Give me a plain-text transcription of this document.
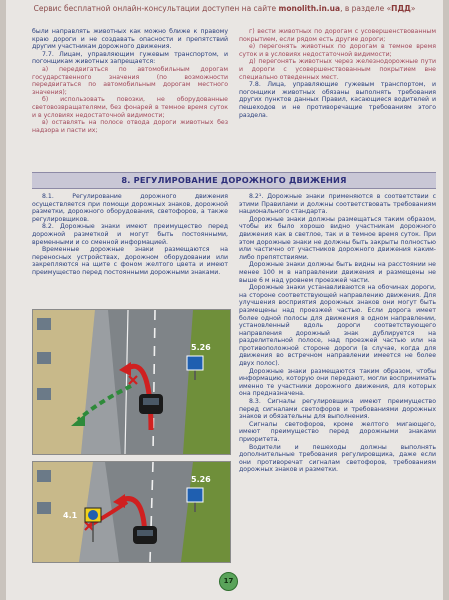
Сервис бесплатной онлайн-консультации доступен на сайте monolith.in.ua, в разделе «ПДД»

были направлять животных как можно ближе к правому краю дороги и не создавать опасности и препятствий другим участникам дорожного движения.

7.7. Лицам, управляющим гужевым транспортом, и погонщикам животных запрещается:

а) передвигаться по автомобильным дорогам государственного значения (по возможности передвигаться по автомобильным дорогам местного значения);

б) использовать повозки, не оборудованные световозвращателями, без фонарей в темное время суток и в условиях недостаточной видимости;

в) оставлять на полосе отвода дороги животных без надзора и пасти их;

г) вести животных по дорогам с усовершенствованным покрытием, если рядом есть другие дороги;

е) перегонять животных по дорогам в темное время суток и в условиях недостаточной видимости;

д) перегонять животных через железнодорожные пути и дороги с усовершенствованным покрытием вне специально отведенных мест.

7.8. Лица, управляющие гужевым транспортом, и погонщики животных обязаны выполнять требования других пунктов данных Правил, касающиеся водителей и пешеходов и не противоречащие требованиям этого раздела.

8. РЕГУЛИРОВАНИЕ ДОРОЖНОГО ДВИЖЕНИЯ

8.1. Регулирование дорожного движения осуществляется при помощи дорожных знаков, дорожной разметки, дорожного оборудования, светофоров, а также регулировщиков.

8.2. Дорожные знаки имеют преимущество перед дорожной разметкой и могут быть постоянными, временными и со сменной информацией.

Временные дорожные знаки размещаются на переносных устройствах, дорожном оборудовании или закрепляются на щите с фоном желтого цвета и имеют преимущество перед постоянными дорожными знаками.

8.2¹. Дорожные знаки применяются в соответствии с этими Правилами и должны соответствовать требованиям национального стандарта.

Дорожные знаки должны размещаться таким образом, чтобы их было хорошо видно участникам дорожного движения как в светлое, так и в темное время суток. При этом дорожные знаки не должны быть закрыты полностью или частично от участников дорожного движения каким-либо препятствиями.

Дорожные знаки должны быть видны на расстоянии не менее 100 м в направлении движения и размещены не выше 6 м над уровнем проезжей части.

Дорожные знаки устанавливаются на обочинах дороги, на стороне соответствующей направлению движения. Для улучшения восприятия дорожных знаков они могут быть размещены над проезжей частью. Если дорога имеет более одной полосы для движения в одном направлении, установленный вдоль дороги соответствующего направления дорожный знак дублируется на разделительной полосе, над проезжей частью или на противоположной стороне дороги (в случае, когда для движения во встречном направлении имеется не более двух полос).

Дорожные знаки размещаются таким образом, чтобы информацию, которую они передают, могли воспринимать именно те участники дорожного движения, для которых она предназначена.

8.3. Сигналы регулировщика имеют преимущество перед сигналами светофоров и требованиями дорожных знаков и обязательны для выполнения.

Сигналы светофоров, кроме желтого мигающего, имеют преимущество перед дорожными знаками приоритета.

Водители и пешеходы должны выполнять дополнительные требования регулировщика, даже если они противоречат сигналам светофоров, требованиям дорожных знаков и разметки.

5.26
5.26
4.1
17
